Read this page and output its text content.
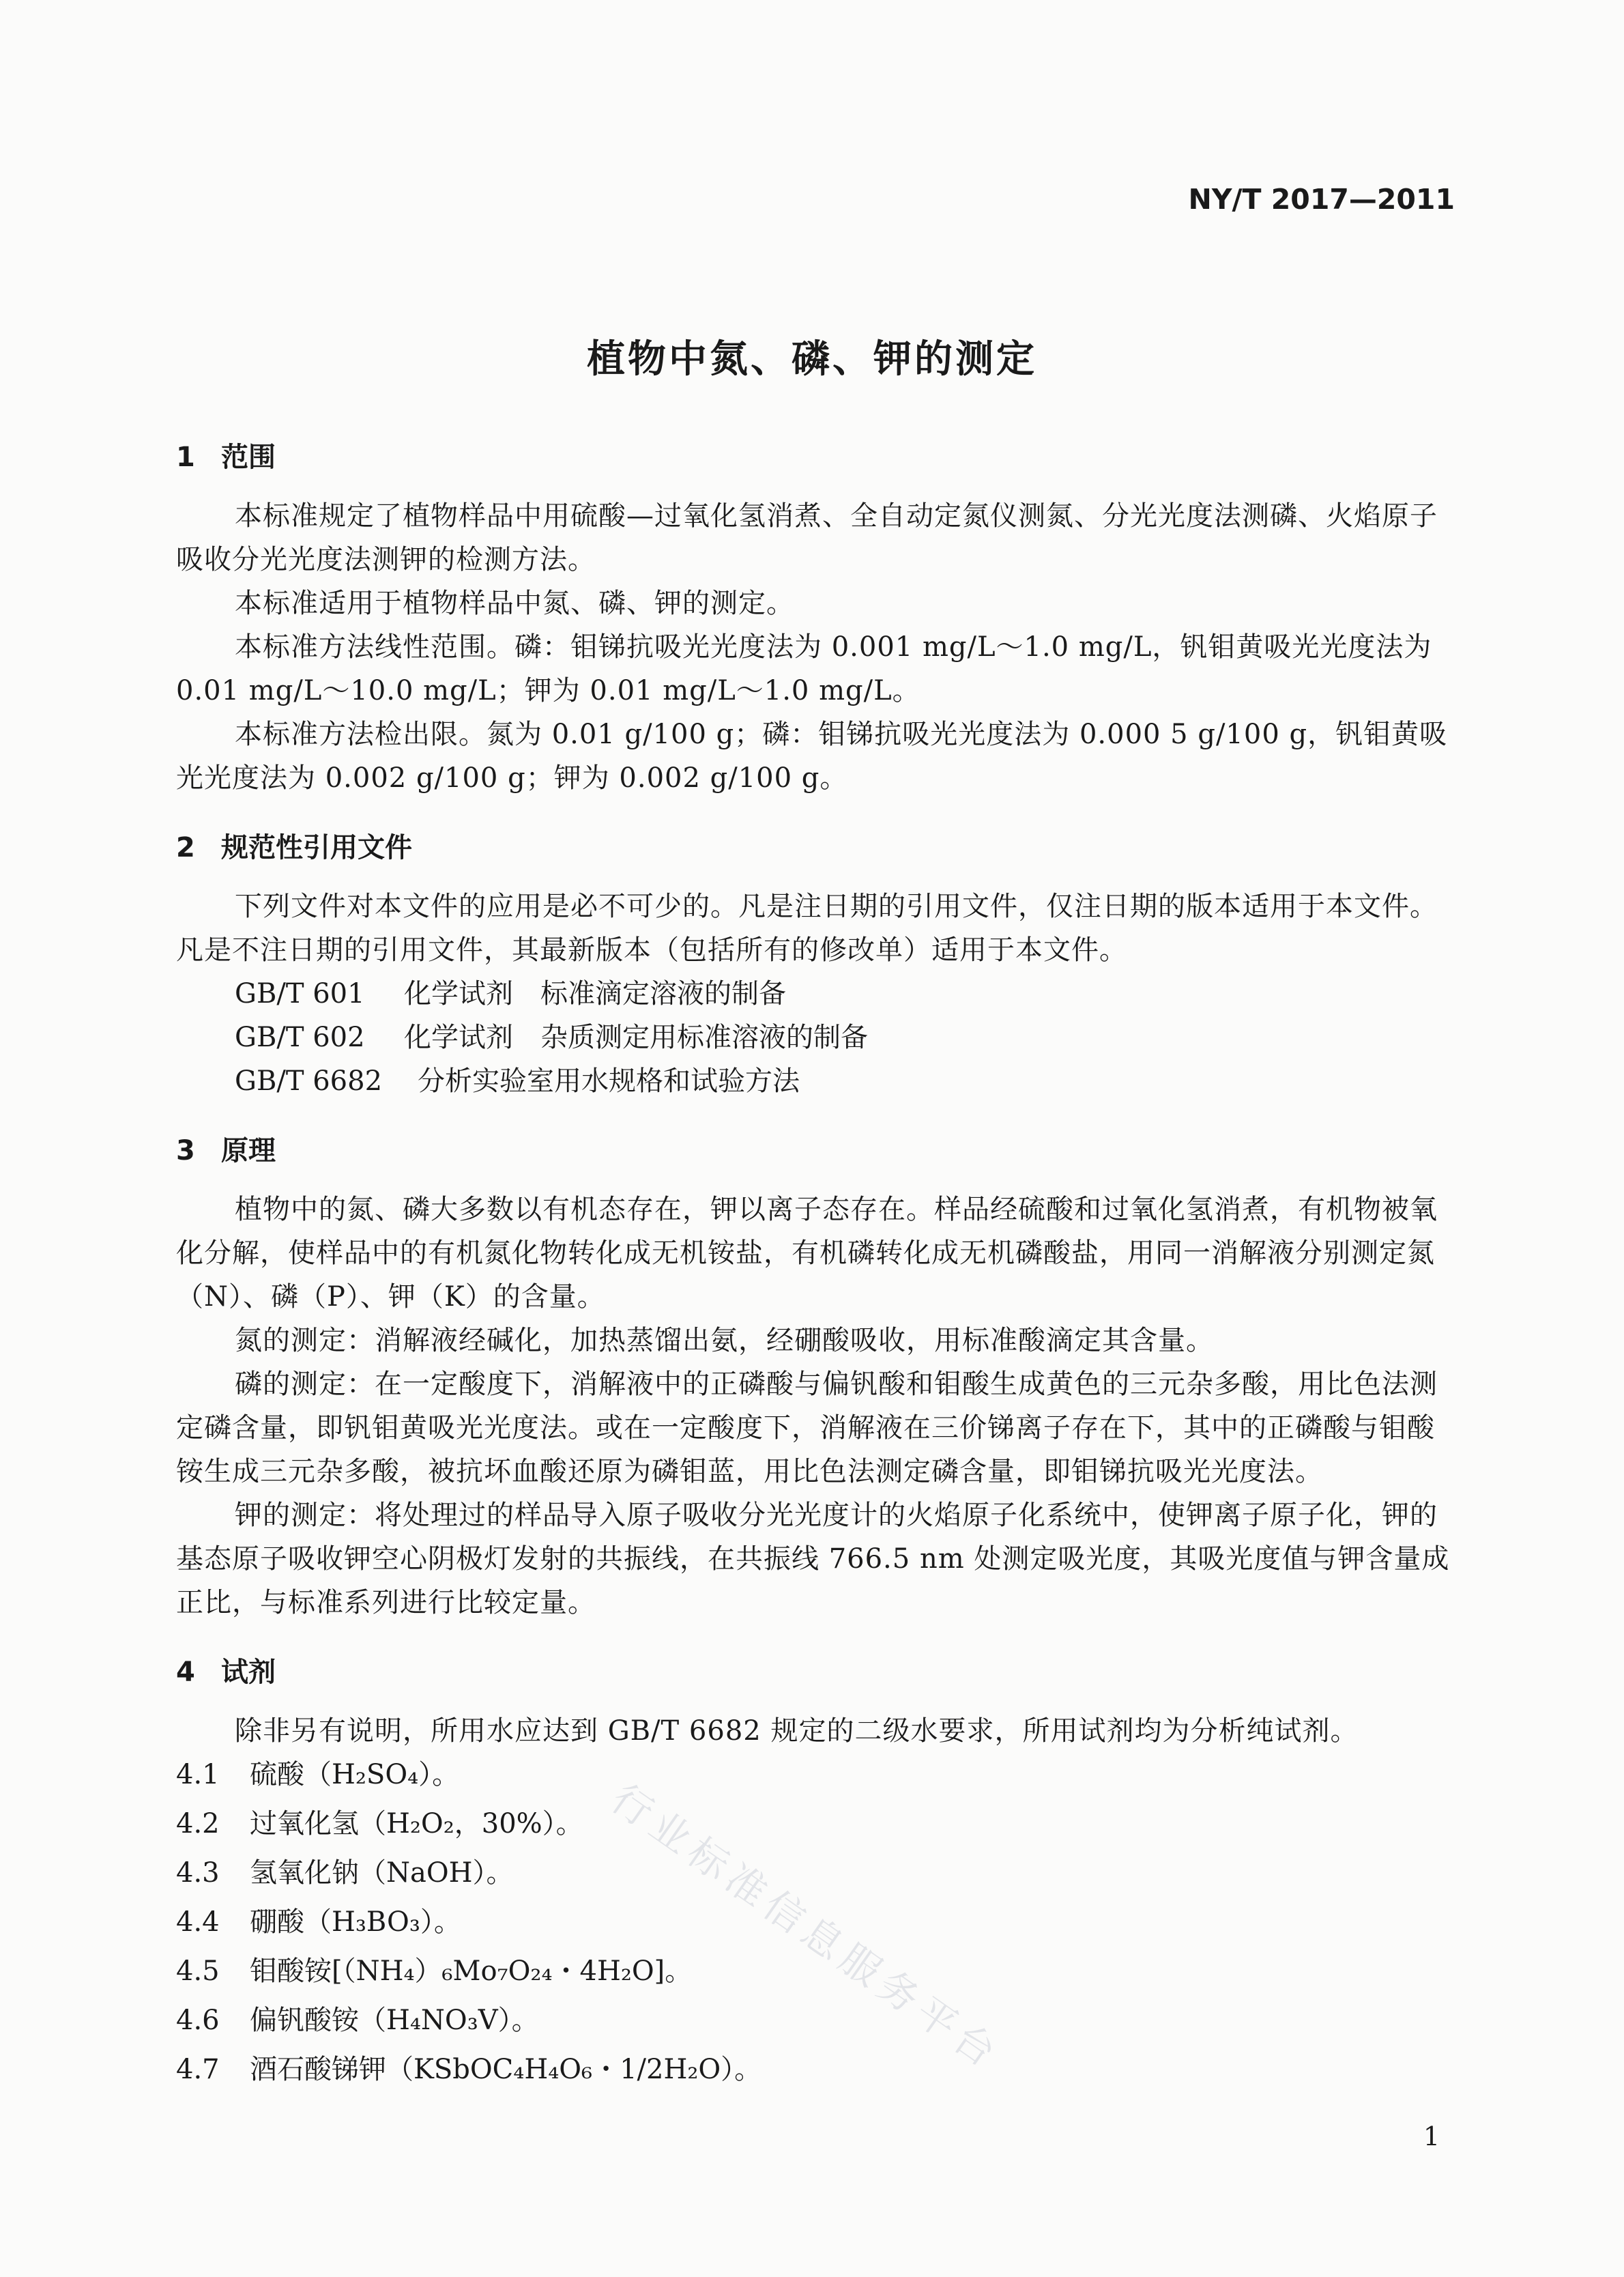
NY/T 2017—2011
植物中氮、磷、钾的测定
1 范围
本标准规定了植物样品中用硫酸—过氧化氢消煮、全自动定氮仪测氮、分光光度法测磷、火焰原子吸收分光光度法测钾的检测方法。
本标准适用于植物样品中氮、磷、钾的测定。
本标准方法线性范围。磷：钼锑抗吸光光度法为 0.001 mg/L～1.0 mg/L，钒钼黄吸光光度法为 0.01 mg/L～10.0 mg/L；钾为 0.01 mg/L～1.0 mg/L。
本标准方法检出限。氮为 0.01 g/100 g；磷：钼锑抗吸光光度法为 0.000 5 g/100 g，钒钼黄吸光光度法为 0.002 g/100 g；钾为 0.002 g/100 g。
2 规范性引用文件
下列文件对本文件的应用是必不可少的。凡是注日期的引用文件，仅注日期的版本适用于本文件。凡是不注日期的引用文件，其最新版本（包括所有的修改单）适用于本文件。
GB/T 601 化学试剂　标准滴定溶液的制备
GB/T 602 化学试剂　杂质测定用标准溶液的制备
GB/T 6682 分析实验室用水规格和试验方法
3 原理
植物中的氮、磷大多数以有机态存在，钾以离子态存在。样品经硫酸和过氧化氢消煮，有机物被氧化分解，使样品中的有机氮化物转化成无机铵盐，有机磷转化成无机磷酸盐，用同一消解液分别测定氮（N）、磷（P）、钾（K）的含量。
氮的测定：消解液经碱化，加热蒸馏出氨，经硼酸吸收，用标准酸滴定其含量。
磷的测定：在一定酸度下，消解液中的正磷酸与偏钒酸和钼酸生成黄色的三元杂多酸，用比色法测定磷含量，即钒钼黄吸光光度法。或在一定酸度下，消解液在三价锑离子存在下，其中的正磷酸与钼酸铵生成三元杂多酸，被抗坏血酸还原为磷钼蓝，用比色法测定磷含量，即钼锑抗吸光光度法。
钾的测定：将处理过的样品导入原子吸收分光光度计的火焰原子化系统中，使钾离子原子化，钾的基态原子吸收钾空心阴极灯发射的共振线，在共振线 766.5 nm 处测定吸光度，其吸光度值与钾含量成正比，与标准系列进行比较定量。
4 试剂
除非另有说明，所用水应达到 GB/T 6682 规定的二级水要求，所用试剂均为分析纯试剂。
4.1 硫酸（H₂SO₄）。
4.2 过氧化氢（H₂O₂，30%）。
4.3 氢氧化钠（NaOH）。
4.4 硼酸（H₃BO₃）。
4.5 钼酸铵[（NH₄）₆Mo₇O₂₄・4H₂O]。
4.6 偏钒酸铵（H₄NO₃V）。
4.7 酒石酸锑钾（KSbOC₄H₄O₆・1/2H₂O）。
行业标准信息服务平台
1
